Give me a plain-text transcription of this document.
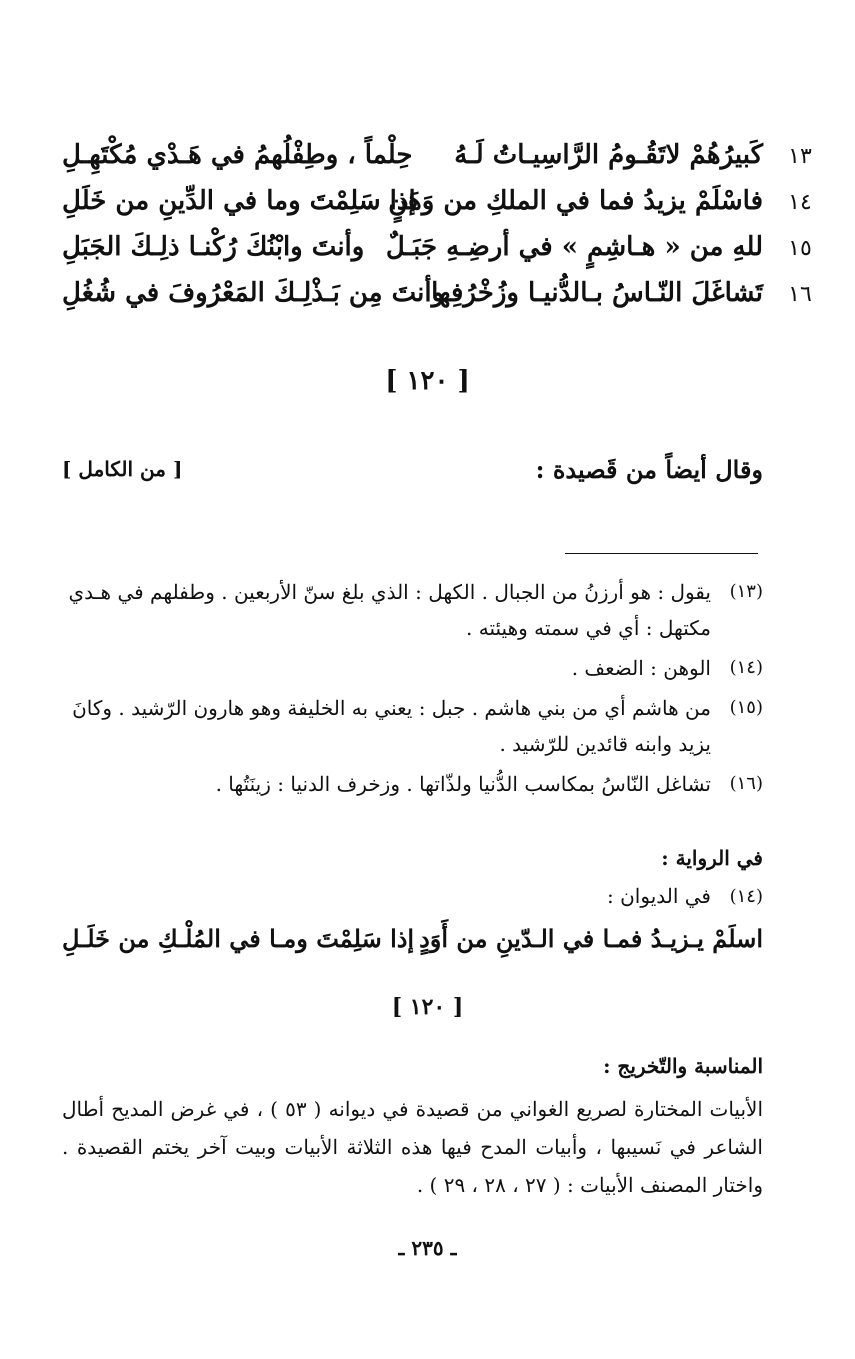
١٣
كَبيرُهُمْ لاتَقُـومُ الرَّاسِيـاتُ لَـهُ
حِلْماً ، وطِفْلُهمُ في هَـدْي مُكْتَهِـلِ
١٤
فاسْلَمْ يزيدُ فما في الملكِ من وَهَنٍ
إذا سَلِمْتَ وما في الدِّينِ من خَلَلِ
١٥
للهِ من « هـاشِمٍ » في أرضِـهِ جَبَـلٌ
وأنتَ وابْنُكَ رُكْنـا ذلِـكَ الجَبَلِ
١٦
تَشاغَلَ النّـاسُ بـالدُّنيـا وزُخْرُفِها
وأنتَ مِن بَـذْلِـكَ المَعْرُوفَ في شُغُلِ
[ ١٢٠ ]
وقال أيضاً من قَصيدة :
[ من الكامل ]
(١٣)
يقول : هو أرزنُ من الجبال . الكهل : الذي بلغ سنّ الأربعين . وطفلهم في هـدي مكتهل : أي في سمته وهيئته .
(١٤)
الوهن : الضعف .
(١٥)
من هاشم أي من بني هاشم . جبل : يعني به الخليفة وهو هارون الرّشيد . وكانَ يزيد وابنه قائدين للرّشيد .
(١٦)
تشاغل النّاسُ بمكاسب الدُّنيا ولذّاتها . وزخرف الدنيا : زينَتُها .
في الرواية :
(١٤)
في الديوان :
اسلَمْ يـزيـدُ فمـا في الـدّينِ من أَوَدٍ
إذا سَلِمْتَ ومـا في المُلْـكِ من خَلَـلِ
[ ١٢٠ ]
المناسبة والتّخريج :
الأبيات المختارة لصريع الغواني من قصيدة في ديوانه ( ٥٣ ) ، في غرض المديح أطال الشاعر في نَسيبها ، وأبيات المدح فيها هذه الثلاثة الأبيات وبيت آخر يختم القصيدة . واختار المصنف الأبيات : ( ٢٧ ، ٢٨ ، ٢٩ ) .
ـ ٢٣٥ ـ
